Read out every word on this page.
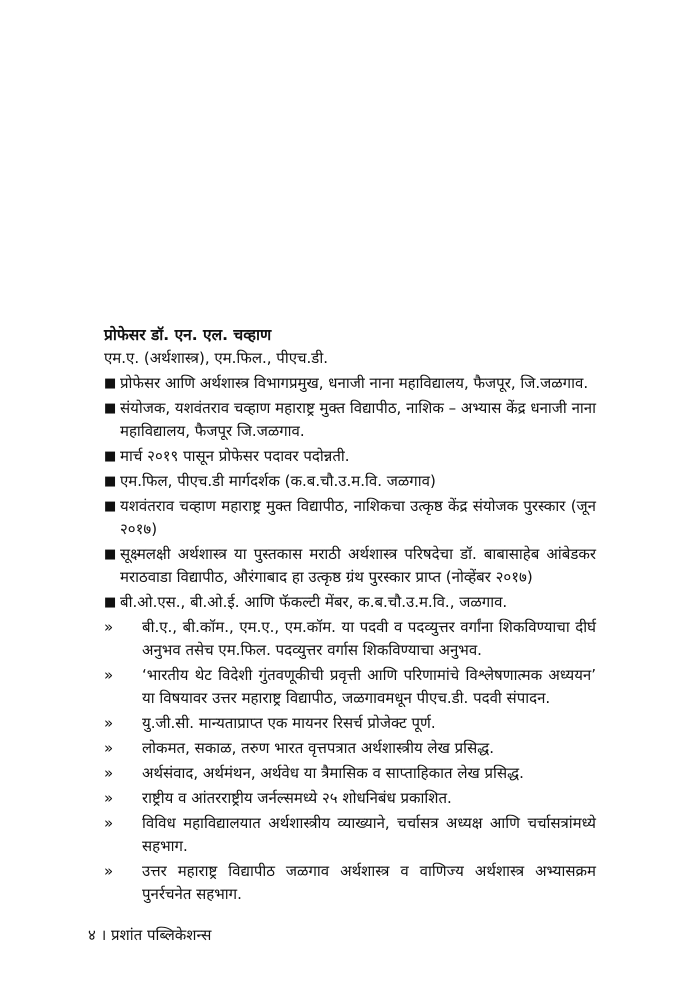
प्रोफेसर डॉ. एन. एल. चव्हाण

एम.ए. (अर्थशास्त्र), एम.फिल., पीएच.डी.

■ प्रोफेसर आणि अर्थशास्त्र विभागप्रमुख, धनाजी नाना महाविद्यालय, फैजपूर, जि.जळगाव.
■ संयोजक, यशवंतराव चव्हाण महाराष्ट्र मुक्त विद्यापीठ, नाशिक – अभ्यास केंद्र धनाजी नाना महाविद्यालय, फैजपूर जि.जळगाव.
■ मार्च २०१९ पासून प्रोफेसर पदावर पदोन्नती.
■ एम.फिल, पीएच.डी मार्गदर्शक (क.ब.चौ.उ.म.वि. जळगाव)
■ यशवंतराव चव्हाण महाराष्ट्र मुक्त विद्यापीठ, नाशिकचा उत्कृष्ठ केंद्र संयोजक पुरस्कार (जून २०१७)
■ सूक्ष्मलक्षी अर्थशास्त्र या पुस्तकास मराठी अर्थशास्त्र परिषदेचा डॉ. बाबासाहेब आंबेडकर मराठवाडा विद्यापीठ, औरंगाबाद हा उत्कृष्ठ ग्रंथ पुरस्कार प्राप्त (नोव्हेंबर २०१७)
■ बी.ओ.एस., बी.ओ.ई. आणि फॅकल्टी मेंबर, क.ब.चौ.उ.म.वि., जळगाव.
» बी.ए., बी.कॉम., एम.ए., एम.कॉम. या पदवी व पदव्युत्तर वर्गांना शिकविण्याचा दीर्घ अनुभव तसेच एम.फिल. पदव्युत्तर वर्गास शिकविण्याचा अनुभव.
» ‘भारतीय थेट विदेशी गुंतवणूकीची प्रवृत्ती आणि परिणामांचे विश्लेषणात्मक अध्ययन’ या विषयावर उत्तर महाराष्ट्र विद्यापीठ, जळगावमधून पीएच.डी. पदवी संपादन.
» यु.जी.सी. मान्यताप्राप्त एक मायनर रिसर्च प्रोजेक्ट पूर्ण.
» लोकमत, सकाळ, तरुण भारत वृत्तपत्रात अर्थशास्त्रीय लेख प्रसिद्ध.
» अर्थसंवाद, अर्थमंथन, अर्थवेध या त्रैमासिक व साप्ताहिकात लेख प्रसिद्ध.
» राष्ट्रीय व आंतरराष्ट्रीय जर्नल्समध्ये २५ शोधनिबंध प्रकाशित.
» विविध महाविद्यालयात अर्थशास्त्रीय व्याख्याने, चर्चासत्र अध्यक्ष आणि चर्चासत्रांमध्ये सहभाग.
» उत्तर महाराष्ट्र विद्यापीठ जळगाव अर्थशास्त्र व वाणिज्य अर्थशास्त्र अभ्यासक्रम पुनर्रचनेत सहभाग.
४ । प्रशांत पब्लिकेशन्स
